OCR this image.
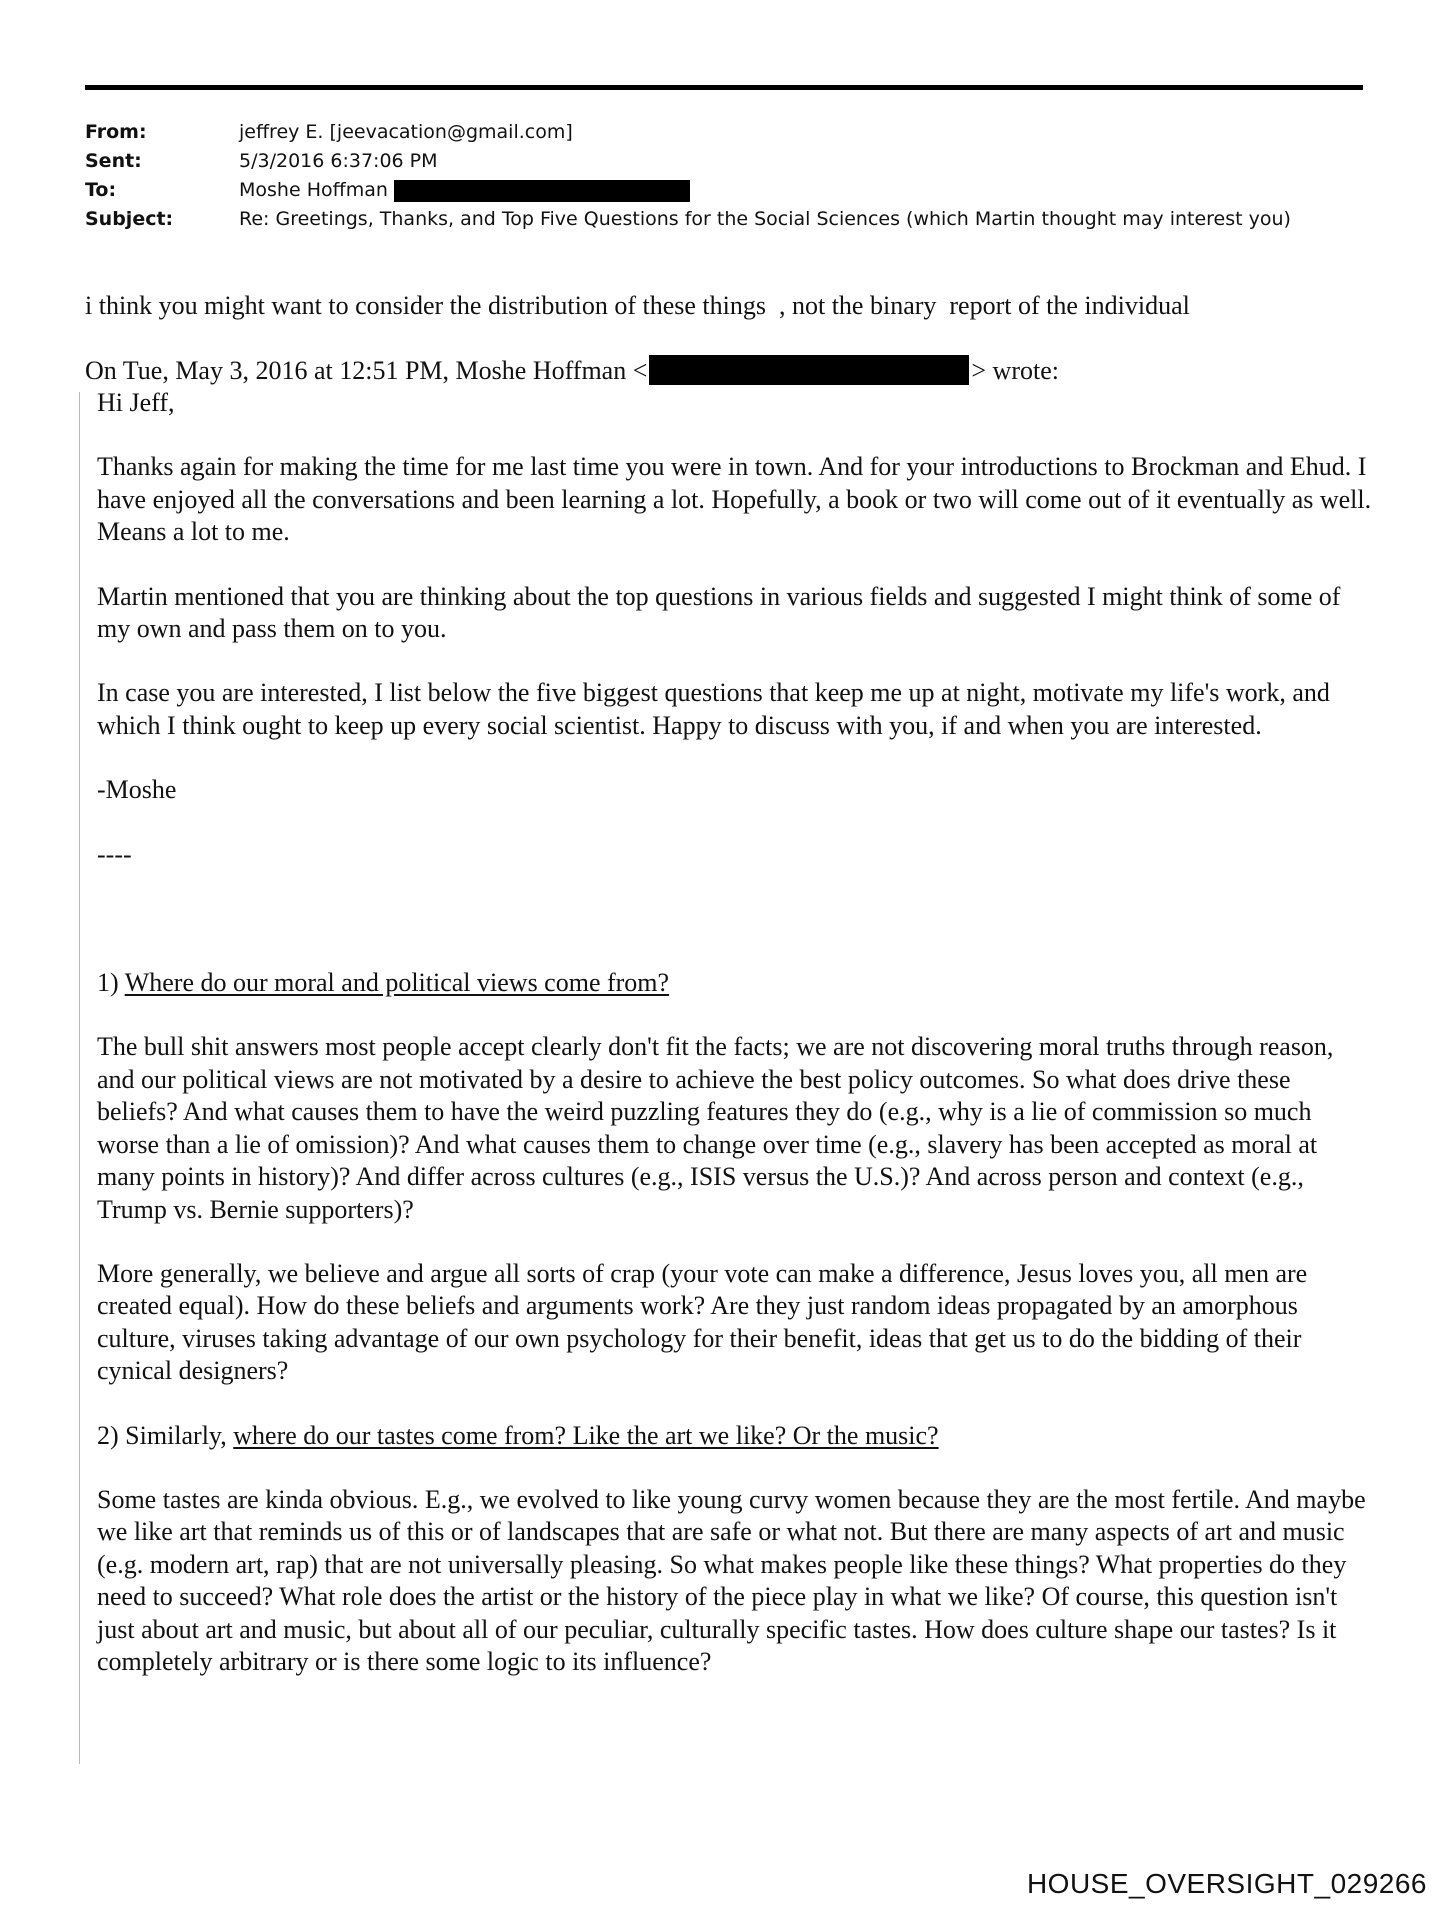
From:	jeffrey E. [jeevacation@gmail.com]
Sent:	5/3/2016 6:37:06 PM
To:	Moshe Hoffman
Subject:	Re: Greetings, Thanks, and Top Five Questions for the Social Sciences (which Martin thought may interest you)
i think you might want to consider the distribution of these things  , not the binary  report of the individual
On Tue, May 3, 2016 at 12:51 PM, Moshe Hoffman <	> wrote:

Hi Jeff,

Thanks again for making the time for me last time you were in town. And for your introductions to Brockman and Ehud. I have enjoyed all the conversations and been learning a lot. Hopefully, a book or two will come out of it eventually as well. Means a lot to me.

Martin mentioned that you are thinking about the top questions in various fields and suggested I might think of some of my own and pass them on to you.

In case you are interested, I list below the five biggest questions that keep me up at night, motivate my life's work, and which I think ought to keep up every social scientist. Happy to discuss with you, if and when you are interested.

-Moshe

----

1) Where do our moral and political views come from?

The bull shit answers most people accept clearly don't fit the facts; we are not discovering moral truths through reason, and our political views are not motivated by a desire to achieve the best policy outcomes. So what does drive these beliefs? And what causes them to have the weird puzzling features they do (e.g., why is a lie of commission so much worse than a lie of omission)? And what causes them to change over time (e.g., slavery has been accepted as moral at many points in history)? And differ across cultures (e.g., ISIS versus the U.S.)? And across person and context (e.g., Trump vs. Bernie supporters)?

More generally, we believe and argue all sorts of crap (your vote can make a difference, Jesus loves you, all men are created equal). How do these beliefs and arguments work? Are they just random ideas propagated by an amorphous culture, viruses taking advantage of our own psychology for their benefit, ideas that get us to do the bidding of their cynical designers?

2) Similarly, where do our tastes come from? Like the art we like? Or the music?

Some tastes are kinda obvious. E.g., we evolved to like young curvy women because they are the most fertile. And maybe we like art that reminds us of this or of landscapes that are safe or what not. But there are many aspects of art and music (e.g. modern art, rap) that are not universally pleasing. So what makes people like these things? What properties do they need to succeed? What role does the artist or the history of the piece play in what we like? Of course, this question isn't just about art and music, but about all of our peculiar, culturally specific tastes. How does culture shape our tastes? Is it completely arbitrary or is there some logic to its influence?

HOUSE_OVERSIGHT_029266
